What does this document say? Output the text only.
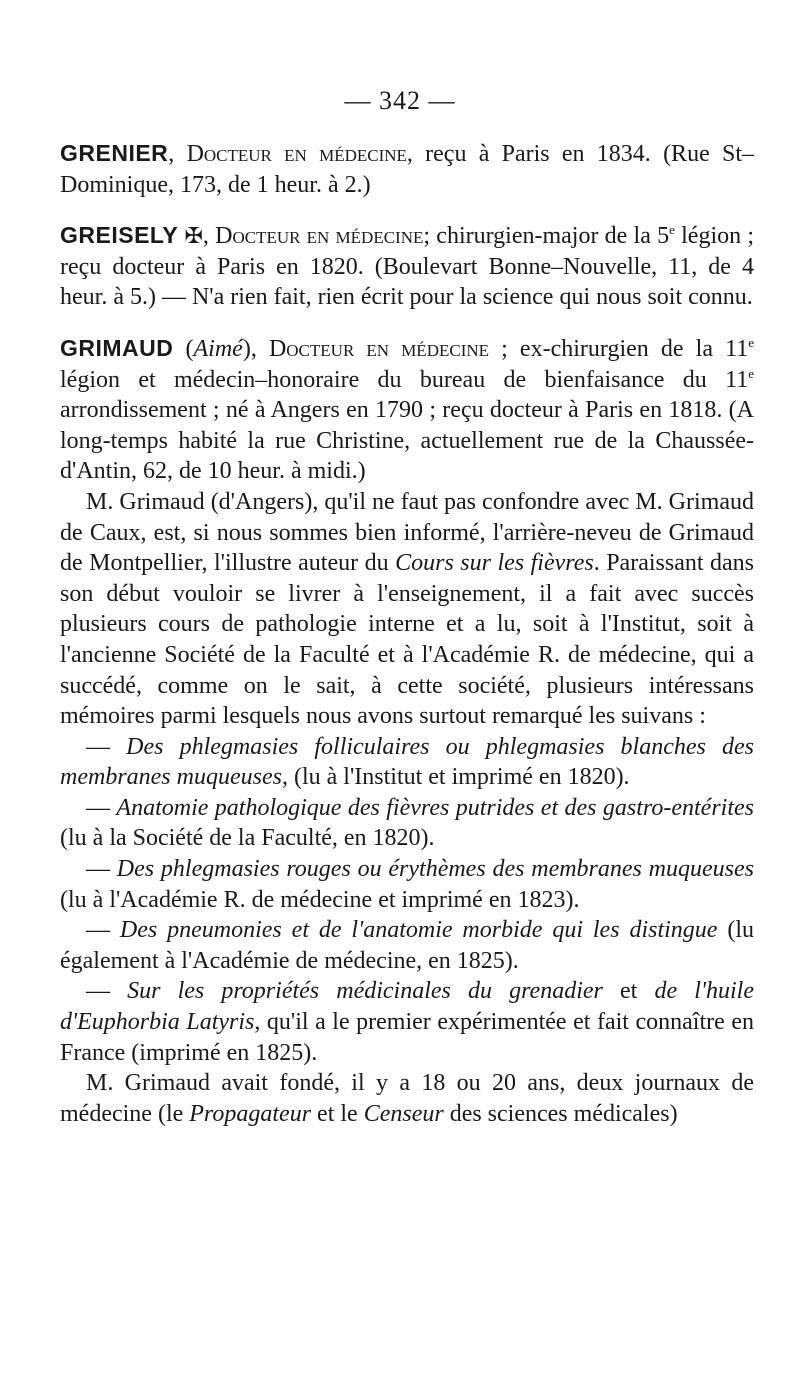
— 342 —

GRENIER, Docteur en médecine, reçu à Paris en 1834. (Rue St–Dominique, 173, de 1 heur. à 2.)

GREISELY ✠, Docteur en médecine; chirurgien-major de la 5e légion ; reçu docteur à Paris en 1820. (Boulevart Bonne–Nouvelle, 11, de 4 heur. à 5.) — N'a rien fait, rien écrit pour la science qui nous soit connu.

GRIMAUD (Aimé), Docteur en médecine ; ex-chirurgien de la 11e légion et médecin–honoraire du bureau de bienfaisance du 11e arrondissement ; né à Angers en 1790 ; reçu docteur à Paris en 1818. (A long-temps habité la rue Christine, actuellement rue de la Chaussée-d'Antin, 62, de 10 heur. à midi.)

M. Grimaud (d'Angers), qu'il ne faut pas confondre avec M. Grimaud de Caux, est, si nous sommes bien informé, l'arrière‑neveu de Grimaud de Montpellier, l'illustre auteur du Cours sur les fièvres. Paraissant dans son début vouloir se livrer à l'enseignement, il a fait avec succès plusieurs cours de pathologie interne et a lu, soit à l'Institut, soit à l'ancienne Société de la Faculté et à l'Académie R. de médecine, qui a succédé, comme on le sait, à cette société, plusieurs intéressans mémoires parmi lesquels nous avons surtout remarqué les suivans :

— Des phlegmasies folliculaires ou phlegmasies blanches des membranes muqueuses, (lu à l'Institut et imprimé en 1820).

— Anatomie pathologique des fièvres putrides et des gastro-entérites (lu à la Société de la Faculté, en 1820).

— Des phlegmasies rouges ou érythèmes des membranes muqueuses (lu à l'Académie R. de médecine et imprimé en 1823).

— Des pneumonies et de l'anatomie morbide qui les distingue (lu également à l'Académie de médecine, en 1825).

— Sur les propriétés médicinales du grenadier et de l'huile d'Euphorbia Latyris, qu'il a le premier expérimentée et fait connaître en France (imprimé en 1825).

M. Grimaud avait fondé, il y a 18 ou 20 ans, deux journaux de médecine (le Propagateur et le Censeur des sciences médicales)
